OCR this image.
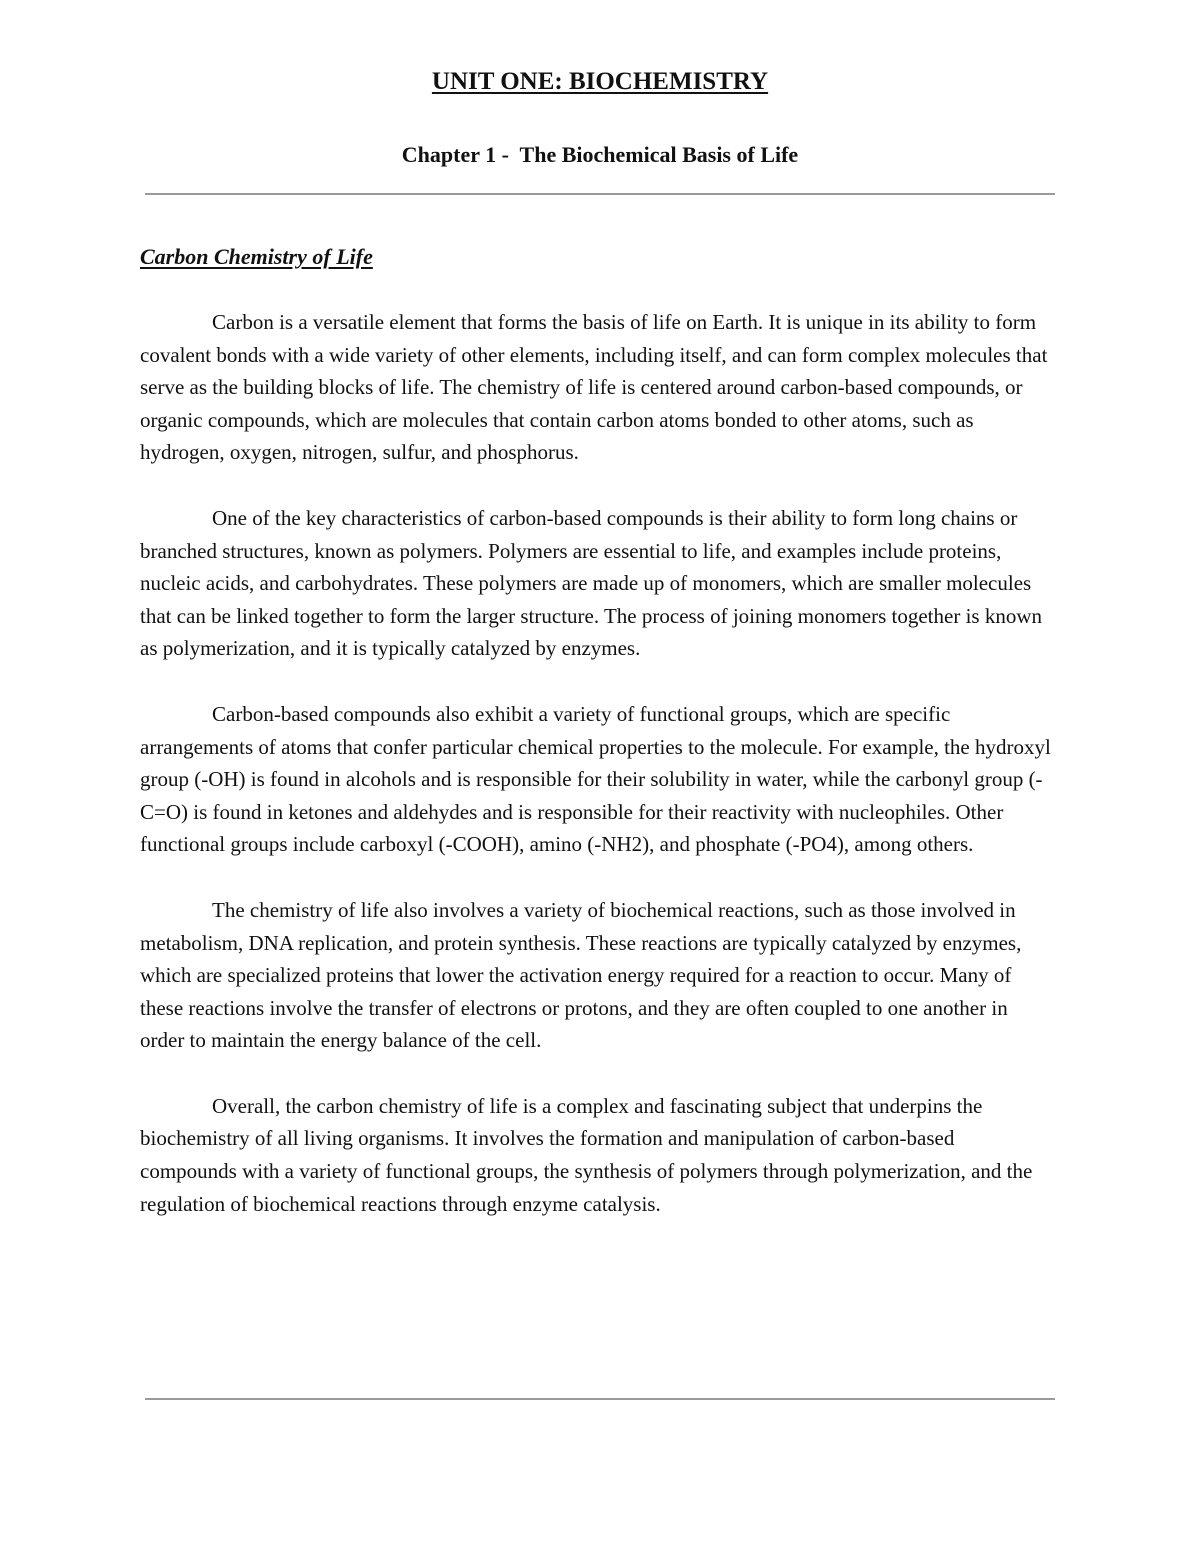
UNIT ONE: BIOCHEMISTRY
Chapter 1 -  The Biochemical Basis of Life
Carbon Chemistry of Life

Carbon is a versatile element that forms the basis of life on Earth. It is unique in its ability to form covalent bonds with a wide variety of other elements, including itself, and can form complex molecules that serve as the building blocks of life. The chemistry of life is centered around carbon-based compounds, or organic compounds, which are molecules that contain carbon atoms bonded to other atoms, such as hydrogen, oxygen, nitrogen, sulfur, and phosphorus.

One of the key characteristics of carbon-based compounds is their ability to form long chains or branched structures, known as polymers. Polymers are essential to life, and examples include proteins, nucleic acids, and carbohydrates. These polymers are made up of monomers, which are smaller molecules that can be linked together to form the larger structure. The process of joining monomers together is known as polymerization, and it is typically catalyzed by enzymes.

Carbon-based compounds also exhibit a variety of functional groups, which are specific arrangements of atoms that confer particular chemical properties to the molecule. For example, the hydroxyl group (-OH) is found in alcohols and is responsible for their solubility in water, while the carbonyl group (-C=O) is found in ketones and aldehydes and is responsible for their reactivity with nucleophiles. Other functional groups include carboxyl (-COOH), amino (-NH2), and phosphate (-PO4), among others.

The chemistry of life also involves a variety of biochemical reactions, such as those involved in metabolism, DNA replication, and protein synthesis. These reactions are typically catalyzed by enzymes, which are specialized proteins that lower the activation energy required for a reaction to occur. Many of these reactions involve the transfer of electrons or protons, and they are often coupled to one another in order to maintain the energy balance of the cell.

Overall, the carbon chemistry of life is a complex and fascinating subject that underpins the biochemistry of all living organisms. It involves the formation and manipulation of carbon-based compounds with a variety of functional groups, the synthesis of polymers through polymerization, and the regulation of biochemical reactions through enzyme catalysis.
